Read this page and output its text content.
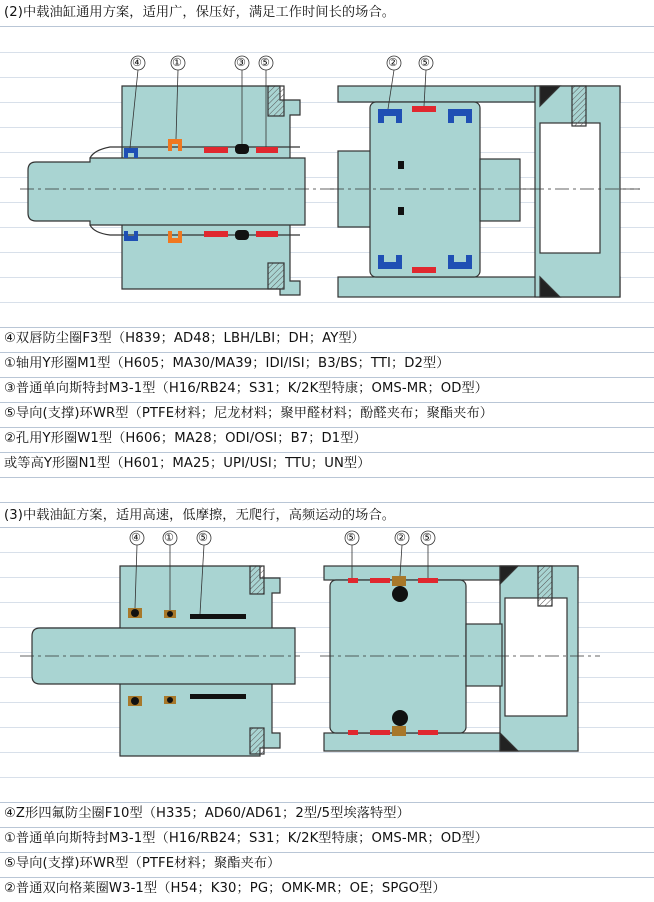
(2)中载油缸通用方案，适用广，保压好，满足工作时间长的场合。
④	①	③ ⑤	② ⑤
④双唇防尘圈F3型（H839；AD48；LBH/LBI；DH；AY型）
①轴用Y形圈M1型（H605；MA30/MA39；IDI/ISI；B3/BS；TTI；D2型）
③普通单向斯特封M3-1型（H16/RB24；S31；K/2K型特康；OMS-MR；OD型）
⑤导向(支撑)环WR型（PTFE材料；尼龙材料；聚甲醛材料；酚醛夹布；聚酯夹布）
②孔用Y形圈W1型（H606；MA28；ODI/OSI；B7；D1型）
或等高Y形圈N1型（H601；MA25；UPI/USI；TTU；UN型）
(3)中载油缸方案，适用高速，低摩擦，无爬行，高频运动的场合。
④ ① ⑤	⑤	② ⑤
④Z形四氟防尘圈F10型（H335；AD60/AD61；2型/5型埃落特型）
①普通单向斯特封M3-1型（H16/RB24；S31；K/2K型特康；OMS-MR；OD型）
⑤导向(支撑)环WR型（PTFE材料；聚酯夹布）
②普通双向格莱圈W3-1型（H54；K30；PG；OMK-MR；OE；SPGO型）
